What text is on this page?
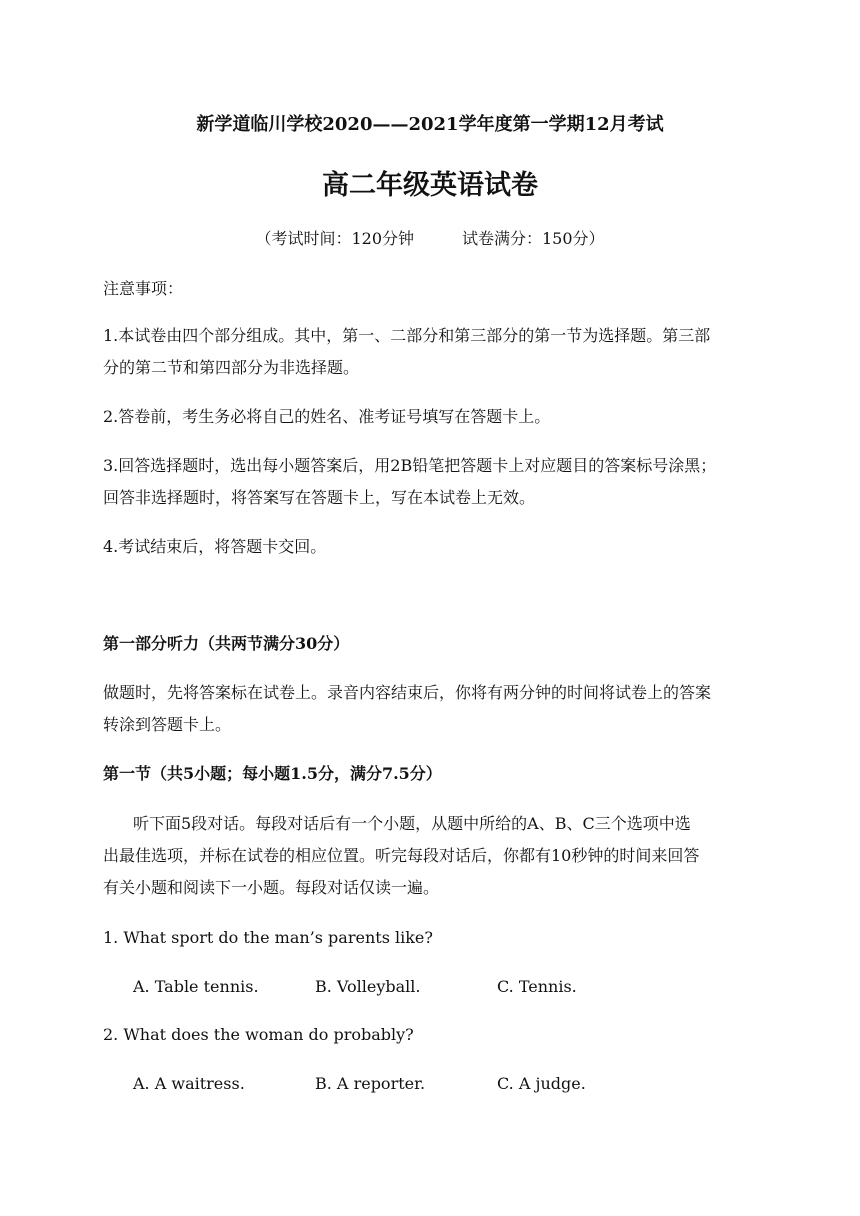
新学道临川学校2020——2021学年度第一学期12月考试
高二年级英语试卷
（考试时间：120分钟	试卷满分：150分）
注意事项：
1.本试卷由四个部分组成。其中，第一、二部分和第三部分的第一节为选择题。第三部
分的第二节和第四部分为非选择题。
2.答卷前，考生务必将自己的姓名、准考证号填写在答题卡上。
3.回答选择题时，选出每小题答案后，用2B铅笔把答题卡上对应题目的答案标号涂黑；
回答非选择题时，将答案写在答题卡上，写在本试卷上无效。
4.考试结束后，将答题卡交回。
第一部分听力（共两节满分30分）
做题时，先将答案标在试卷上。录音内容结束后，你将有两分钟的时间将试卷上的答案
转涂到答题卡上。
第一节（共5小题；每小题1.5分，满分7.5分）
听下面5段对话。每段对话后有一个小题，从题中所给的A、B、C三个选项中选
出最佳选项，并标在试卷的相应位置。听完每段对话后，你都有10秒钟的时间来回答
有关小题和阅读下一小题。每段对话仅读一遍。
1. What sport do the man’s parents like?
A. Table tennis.	B. Volleyball.	C. Tennis.
2. What does the woman do probably?
A. A waitress.	B. A reporter.	C. A judge.
